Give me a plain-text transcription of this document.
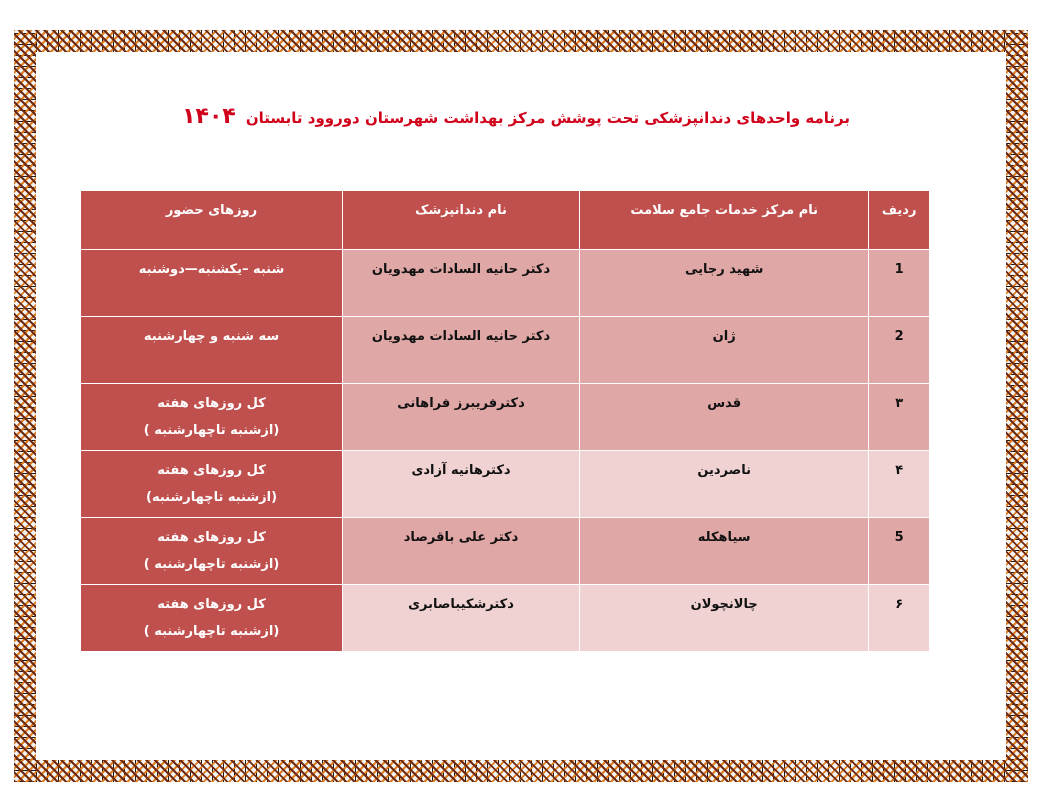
برنامه واحدهای دندانپزشکی تحت پوشش مرکز بهداشت شهرستان دوروود تابستان۱۴۰۴
ردیف	نام مرکز خدمات جامع سلامت	نام دندانپزشک	روزهای حضور
1	شهید رجایی	دکتر حانیه السادات مهدویان	شنبه –یکشنبه—دوشنبه
2	ژان	دکتر حانیه السادات مهدویان	سه شنبه و چهارشنبه
۳	قدس	دکترفریبرز فراهانی	کل روزهای هفته
(ازشنبه تاچهارشنبه )

۴	ناصردین	دکترهانیه آزادی	کل روزهای هفته
(ازشنبه تاچهارشنبه)

5	سیاهکله	دکتر علی باقرصاد	کل روزهای هفته
(ازشنبه تاچهارشنبه )

۶	چالانچولان	دکترشکیباصابری	کل روزهای هفته
(ازشنبه تاچهارشنبه )
